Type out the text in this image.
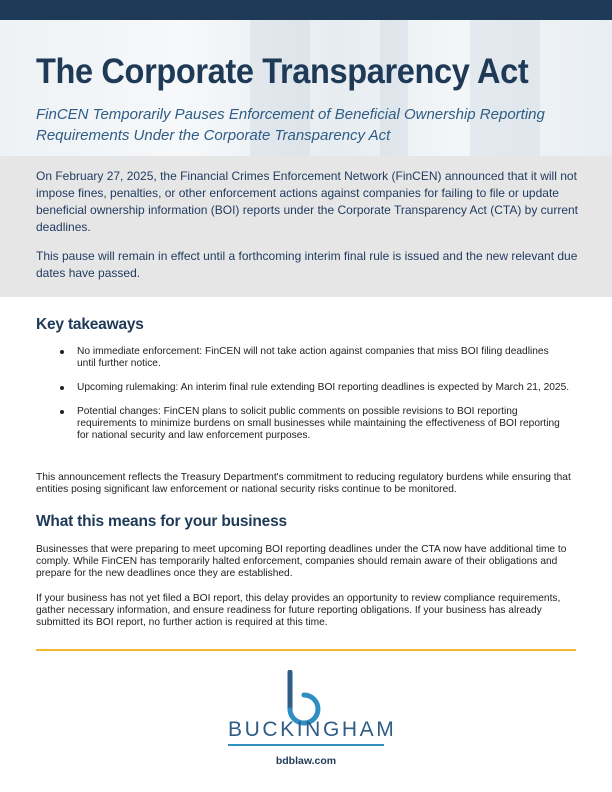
The Corporate Transparency Act
FinCEN Temporarily Pauses Enforcement of Beneficial Ownership Reporting Requirements Under the Corporate Transparency Act

On February 27, 2025, the Financial Crimes Enforcement Network (FinCEN) announced that it will not impose fines, penalties, or other enforcement actions against companies for failing to file or update beneficial ownership information (BOI) reports under the Corporate Transparency Act (CTA) by current deadlines.

This pause will remain in effect until a forthcoming interim final rule is issued and the new relevant due dates have passed.

Key takeaways
No immediate enforcement: FinCEN will not take action against companies that miss BOI filing deadlines until further notice.
Upcoming rulemaking: An interim final rule extending BOI reporting deadlines is expected by March 21, 2025.
Potential changes: FinCEN plans to solicit public comments on possible revisions to BOI reporting requirements to minimize burdens on small businesses while maintaining the effectiveness of BOI reporting for national security and law enforcement purposes.

This announcement reflects the Treasury Department's commitment to reducing regulatory burdens while ensuring that entities posing significant law enforcement or national security risks continue to be monitored.

What this means for your business

Businesses that were preparing to meet upcoming BOI reporting deadlines under the CTA now have additional time to comply. While FinCEN has temporarily halted enforcement, companies should remain aware of their obligations and prepare for the new deadlines once they are established.

If your business has not yet filed a BOI report, this delay provides an opportunity to review compliance requirements, gather necessary information, and ensure readiness for future reporting obligations. If your business has already submitted its BOI report, no further action is required at this time.

BUCKINGHAM
bdblaw.com
